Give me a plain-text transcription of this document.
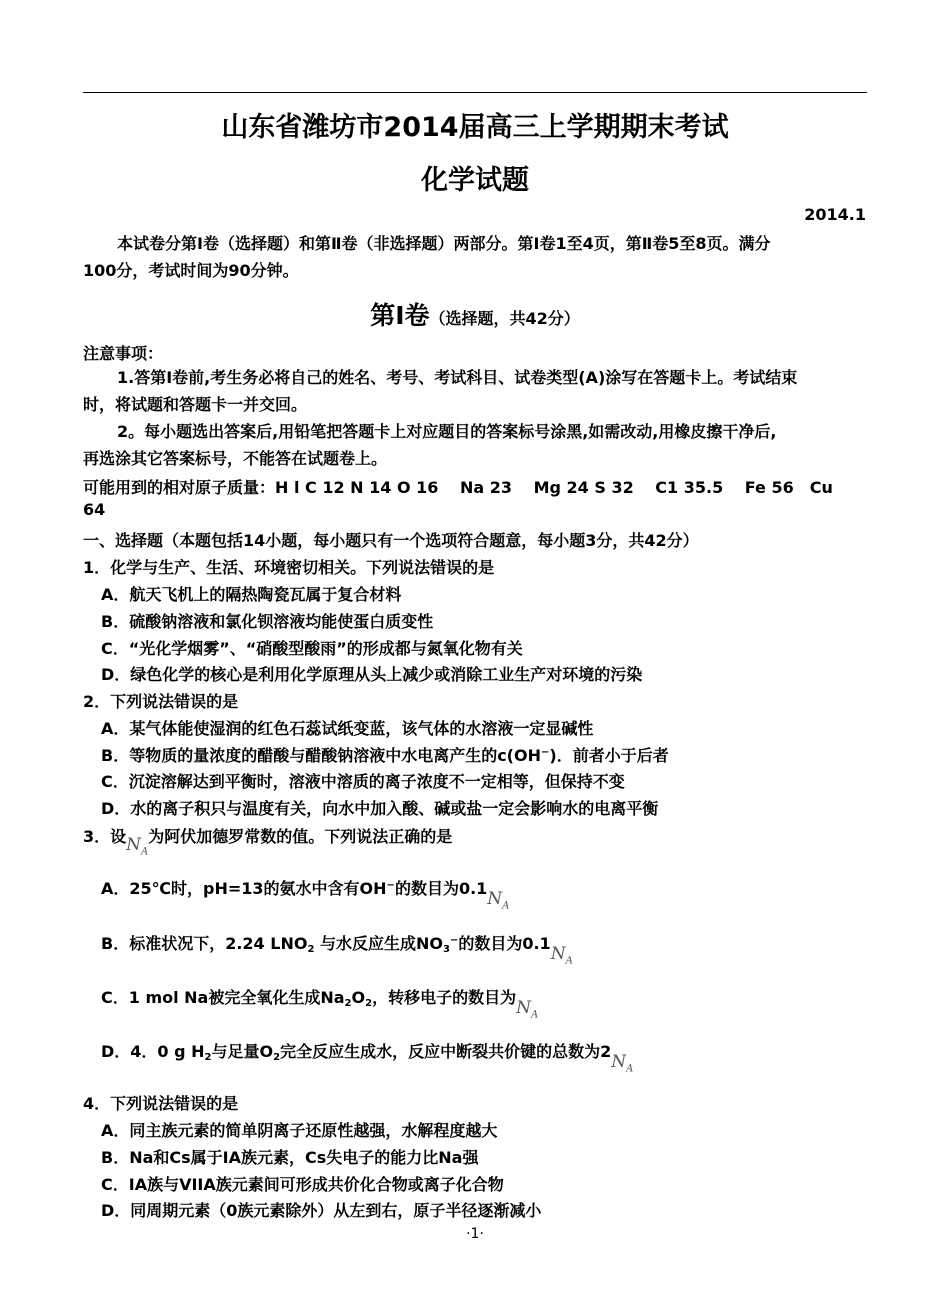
山东省潍坊市2014届高三上学期期末考试
化学试题
2014.1
本试卷分第Ⅰ卷（选择题）和第Ⅱ卷（非选择题）两部分。第Ⅰ卷1至4页，第Ⅱ卷5至8页。满分
100分，考试时间为90分钟。
第Ⅰ卷（选择题，共42分）
注意事项：
1.答第Ⅰ卷前,考生务必将自己的姓名、考号、考试科目、试卷类型(A)涂写在答题卡上。考试结束
时，将试题和答题卡一并交回。
2。每小题选出答案后,用铅笔把答题卡上对应题目的答案标号涂黑,如需改动,用橡皮擦干净后,
再选涂其它答案标号，不能答在试题卷上。
可能用到的相对原子质量：H l C 12 N 14 O 16　 Na 23　 Mg 24 S 32　 C1 35.5　 Fe 56　Cu
64
一、选择题（本题包括14小题，每小题只有一个选项符合题意，每小题3分，共42分）
1．化学与生产、生活、环境密切相关。下列说法错误的是
A．航天飞机上的隔热陶瓷瓦属于复合材料
B．硫酸钠溶液和氯化钡溶液均能使蛋白质变性
C．“光化学烟雾”、“硝酸型酸雨”的形成都与氮氧化物有关
D．绿色化学的核心是利用化学原理从头上减少或消除工业生产对环境的污染
2．下列说法错误的是
A．某气体能使湿润的红色石蕊试纸变蓝，该气体的水溶液一定显碱性
B．等物质的量浓度的醋酸与醋酸钠溶液中水电离产生的c(OH−)．前者小于后者
C．沉淀溶解达到平衡时，溶液中溶质的离子浓度不一定相等，但保持不变
D．水的离子积只与温度有关，向水中加入酸、碱或盐一定会影响水的电离平衡
3．设$N_A$为阿伏加德罗常数的值。下列说法正确的是
A．25℃时，pH=13的氨水中含有OH−的数目为$0.1N_A$
B．标准状况下，2.24 $LNO_2$ 与水反应生成$NO_3^-$的数目为$0.1N_A$
C．1 mol Na被完全氧化生成$Na_2O_2$，转移电子的数目为$N_A$
D．4．0 g $H_2$与足量$O_2$完全反应生成水，反应中断裂共价键的总数为$2N_A$
4．下列说法错误的是
A．同主族元素的简单阴离子还原性越强，水解程度越大
B．Na和Cs属于ⅠA族元素，Cs失电子的能力比Na强
C．ⅠA族与VIIA族元素间可形成共价化合物或离子化合物
D．同周期元素（0族元素除外）从左到右，原子半径逐渐减小
·1·
